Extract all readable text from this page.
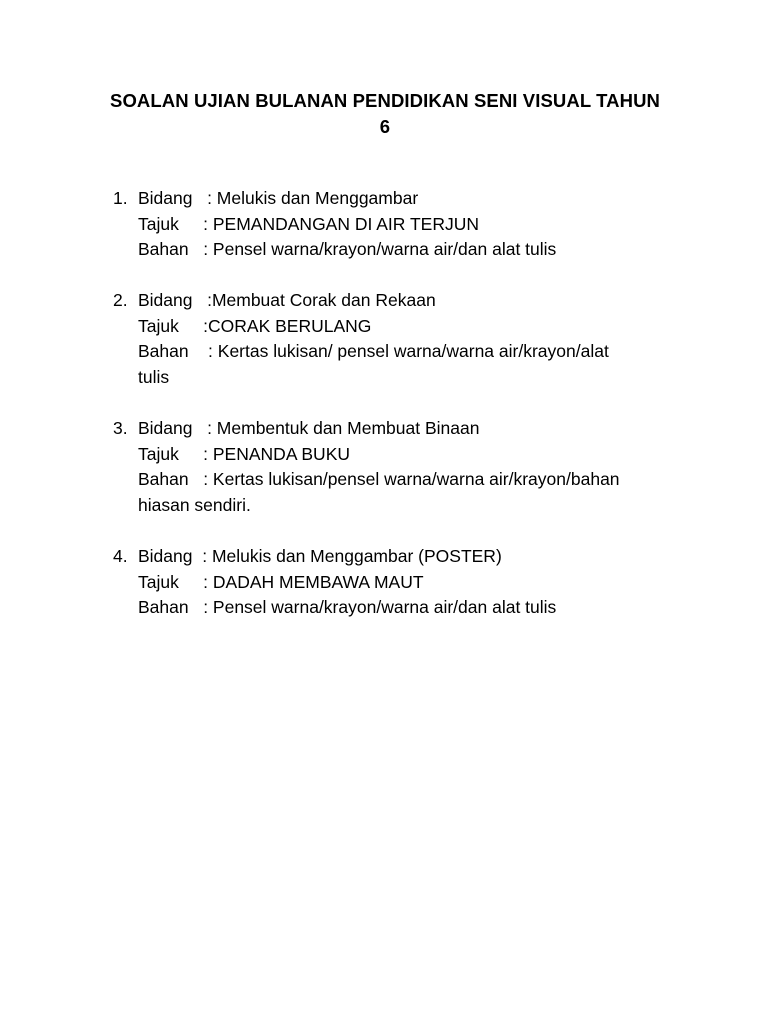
SOALAN UJIAN BULANAN PENDIDIKAN SENI VISUAL TAHUN
6
1. Bidang   : Melukis dan Menggambar
Tajuk     : PEMANDANGAN DI AIR TERJUN
Bahan   : Pensel warna/krayon/warna air/dan alat tulis
2. Bidang   :Membuat Corak dan Rekaan
Tajuk     :CORAK BERULANG
Bahan    : Kertas lukisan/ pensel warna/warna air/krayon/alat
tulis
3. Bidang   : Membentuk dan Membuat Binaan
Tajuk     : PENANDA BUKU
Bahan   : Kertas lukisan/pensel warna/warna air/krayon/bahan
hiasan sendiri.
4. Bidang  : Melukis dan Menggambar (POSTER)
Tajuk     : DADAH MEMBAWA MAUT
Bahan   : Pensel warna/krayon/warna air/dan alat tulis
